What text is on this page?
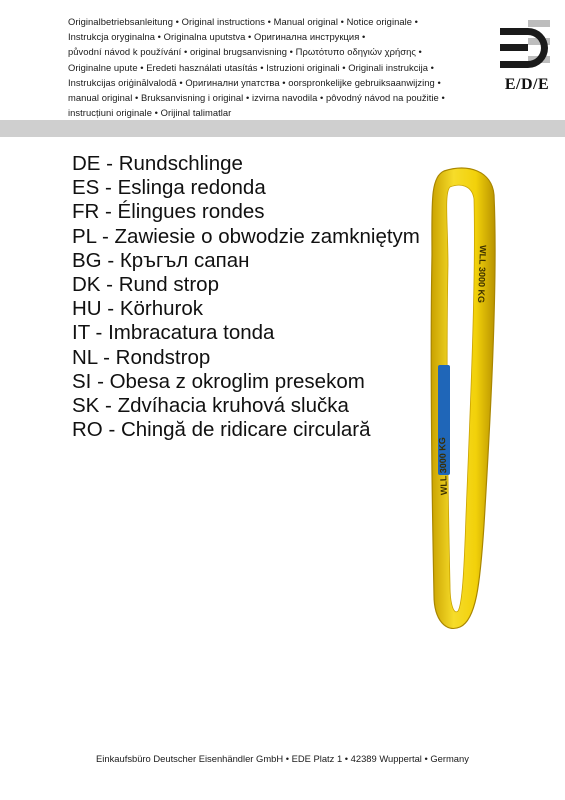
Originalbetriebsanleitung • Original instructions • Manual original • Notice originale •
Instrukcja oryginalna • Originalna uputstva • Оригинална инструкция •
původní návod k používání • original brugsanvisning • Πρωτότυπο οδηγιών χρήσης •
Originalne upute • Eredeti használati utasítás • Istruzioni originali • Originali instrukcija •
Instrukcijas oriģinālvalodā • Оригинални упатства • oorspronkelijke gebruiksaanwijzing •
manual original • Bruksanvisning i original • izvirna navodila • pôvodný návod na použitie •
instrucțiuni originale • Orijinal talimatlar
E/D/E
DE - Rundschlinge
ES - Eslinga redonda
FR - Élingues rondes
PL - Zawiesie o obwodzie zamkniętym
BG - Кръгъл сапан
DK - Rund strop
HU - Körhurok
IT - Imbracatura tonda
NL - Rondstrop
SI - Obesa z okroglim presekom
SK - Zdvíhacia kruhová slučka
RO - Chingă de ridicare circulară
WLL 3000 KG
WLL 3000 KG
Einkaufsbüro Deutscher Eisenhändler GmbH • EDE Platz 1 • 42389 Wuppertal • Germany
